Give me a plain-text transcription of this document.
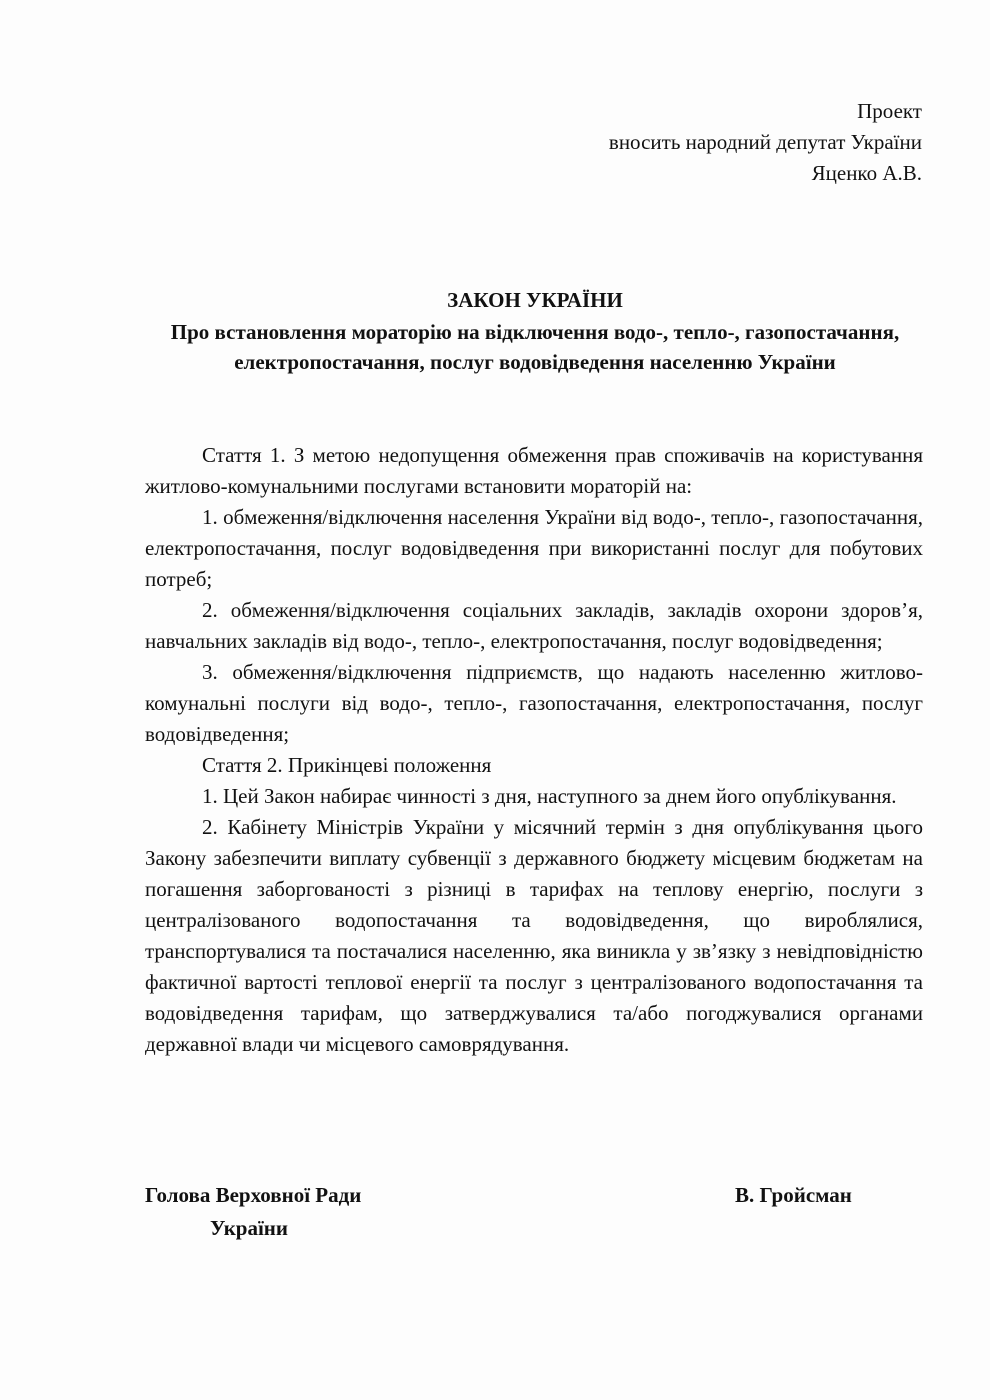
Проект
вносить народний депутат України
Яценко А.В.
ЗАКОН УКРАЇНИ
Про встановлення мораторію на відключення водо-, тепло-, газопостачання, електропостачання, послуг водовідведення населенню України

Стаття 1. З метою недопущення обмеження прав споживачів на користування житлово-комунальними послугами встановити мораторій на:

1. обмеження/відключення населення України від водо-, тепло-, газопостачання, електропостачання, послуг водовідведення при використанні послуг для побутових потреб;

2. обмеження/відключення соціальних закладів, закладів охорони здоров’я, навчальних закладів від водо-, тепло-, електропостачання, послуг водовідведення;

3. обмеження/відключення підприємств, що надають населенню житлово-комунальні послуги від водо-, тепло-, газопостачання, електропостачання, послуг водовідведення;

Стаття 2. Прикінцеві положення

1. Цей Закон набирає чинності з дня, наступного за днем його опублікування.

2. Кабінету Міністрів України у місячний термін з дня опублікування цього Закону забезпечити виплату субвенції з державного бюджету місцевим бюджетам на погашення заборгованості з різниці в тарифах на теплову енергію, послуги з централізованого водопостачання та водовідведення, що вироблялися, транспортувалися та постачалися населенню, яка виникла у зв’язку з невідповідністю фактичної вартості теплової енергії та послуг з централізованого водопостачання та водовідведення тарифам, що затверджувалися та/або погоджувалися органами державної влади чи місцевого самоврядування.

Голова Верховної Ради
України
В. Гройсман
